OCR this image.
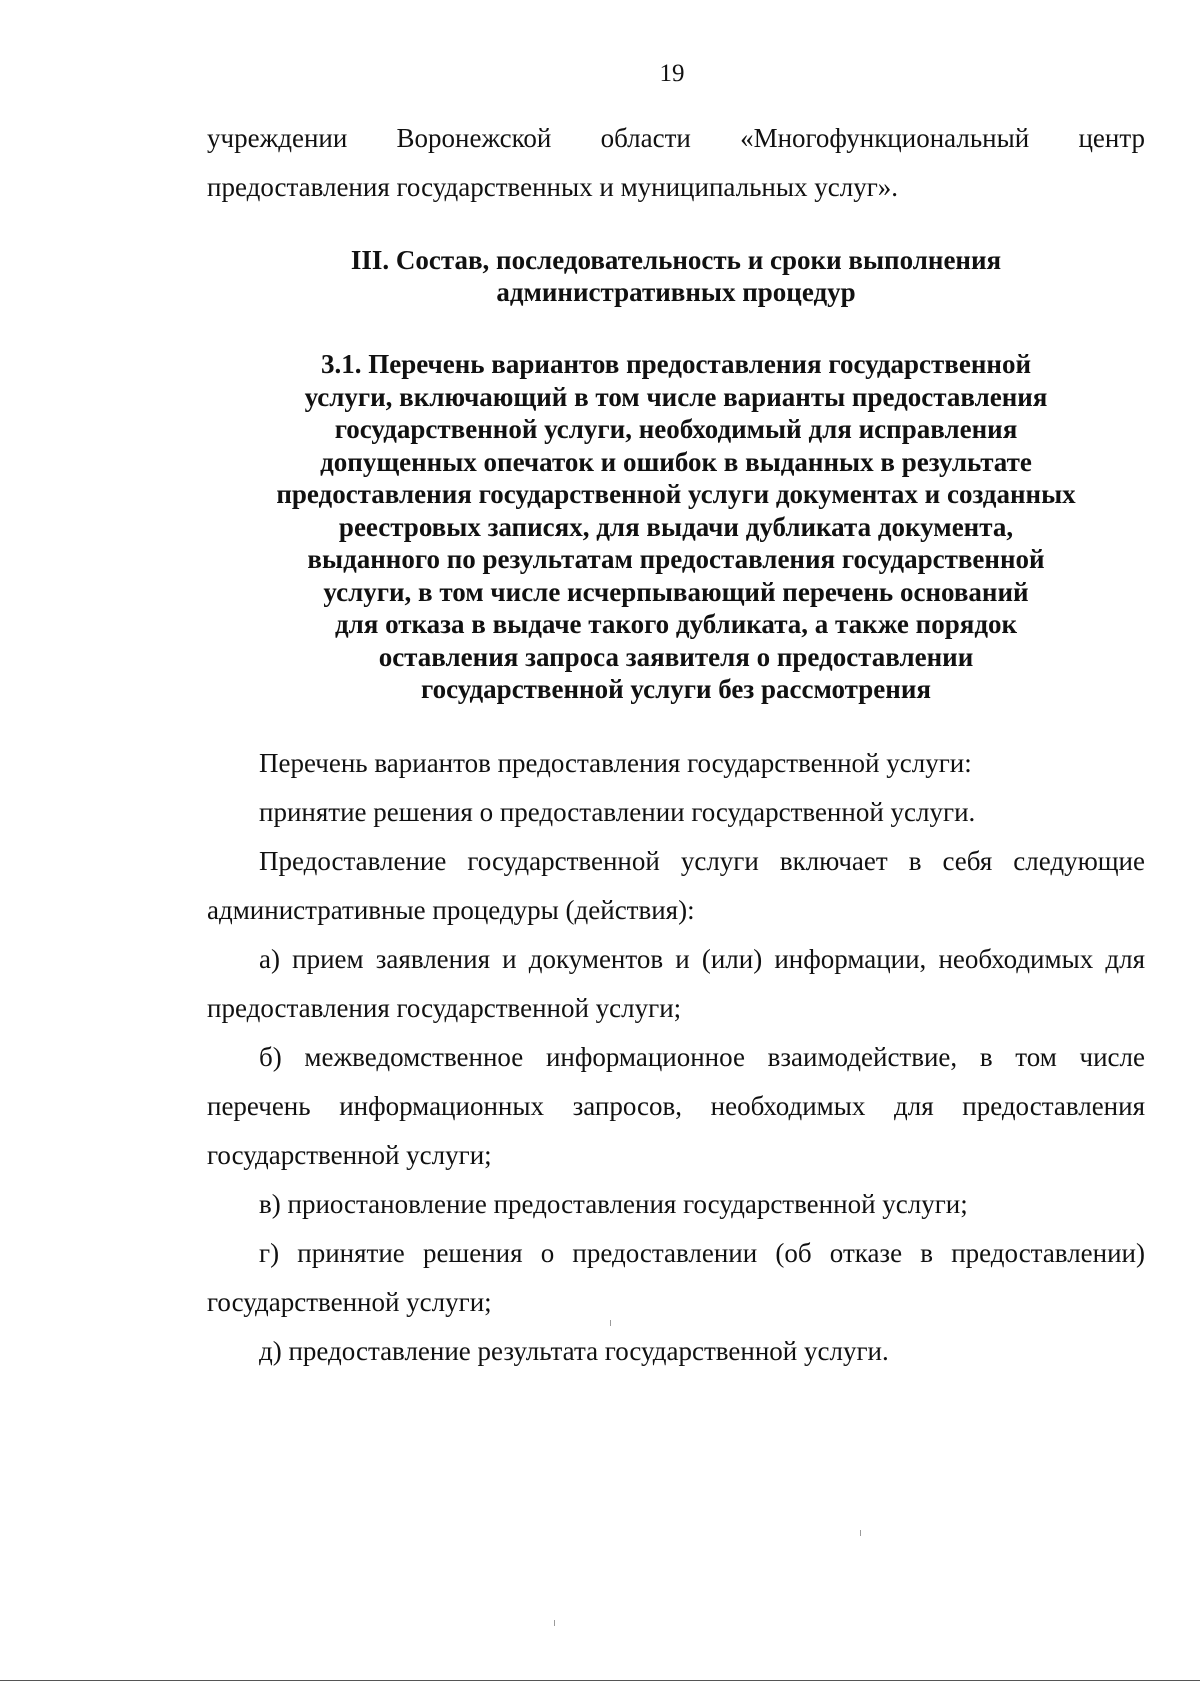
19
учреждении Воронежской области «Многофункциональный центр

предоставления государственных и муниципальных услуг».

III. Состав, последовательность и сроки выполнения
административных процедур
3.1. Перечень вариантов предоставления государственной
услуги, включающий в том числе варианты предоставления
государственной услуги, необходимый для исправления
допущенных опечаток и ошибок в выданных в результате
предоставления государственной услуги документах и созданных
реестровых записях, для выдачи дубликата документа,
выданного по результатам предоставления государственной
услуги, в том числе исчерпывающий перечень оснований
для отказа в выдаче такого дубликата, а также порядок
оставления запроса заявителя о предоставлении
государственной услуги без рассмотрения

Перечень вариантов предоставления государственной услуги:

принятие решения о предоставлении государственной услуги.

Предоставление государственной услуги включает в себя следующие административные процедуры (действия):

а) прием заявления и документов и (или) информации, необходимых для предоставления государственной услуги;

б) межведомственное информационное взаимодействие, в том числе перечень информационных запросов, необходимых для предоставления государственной услуги;

в) приостановление предоставления государственной услуги;

г) принятие решения о предоставлении (об отказе в предоставлении) государственной услуги;

д) предоставление результата государственной услуги.
